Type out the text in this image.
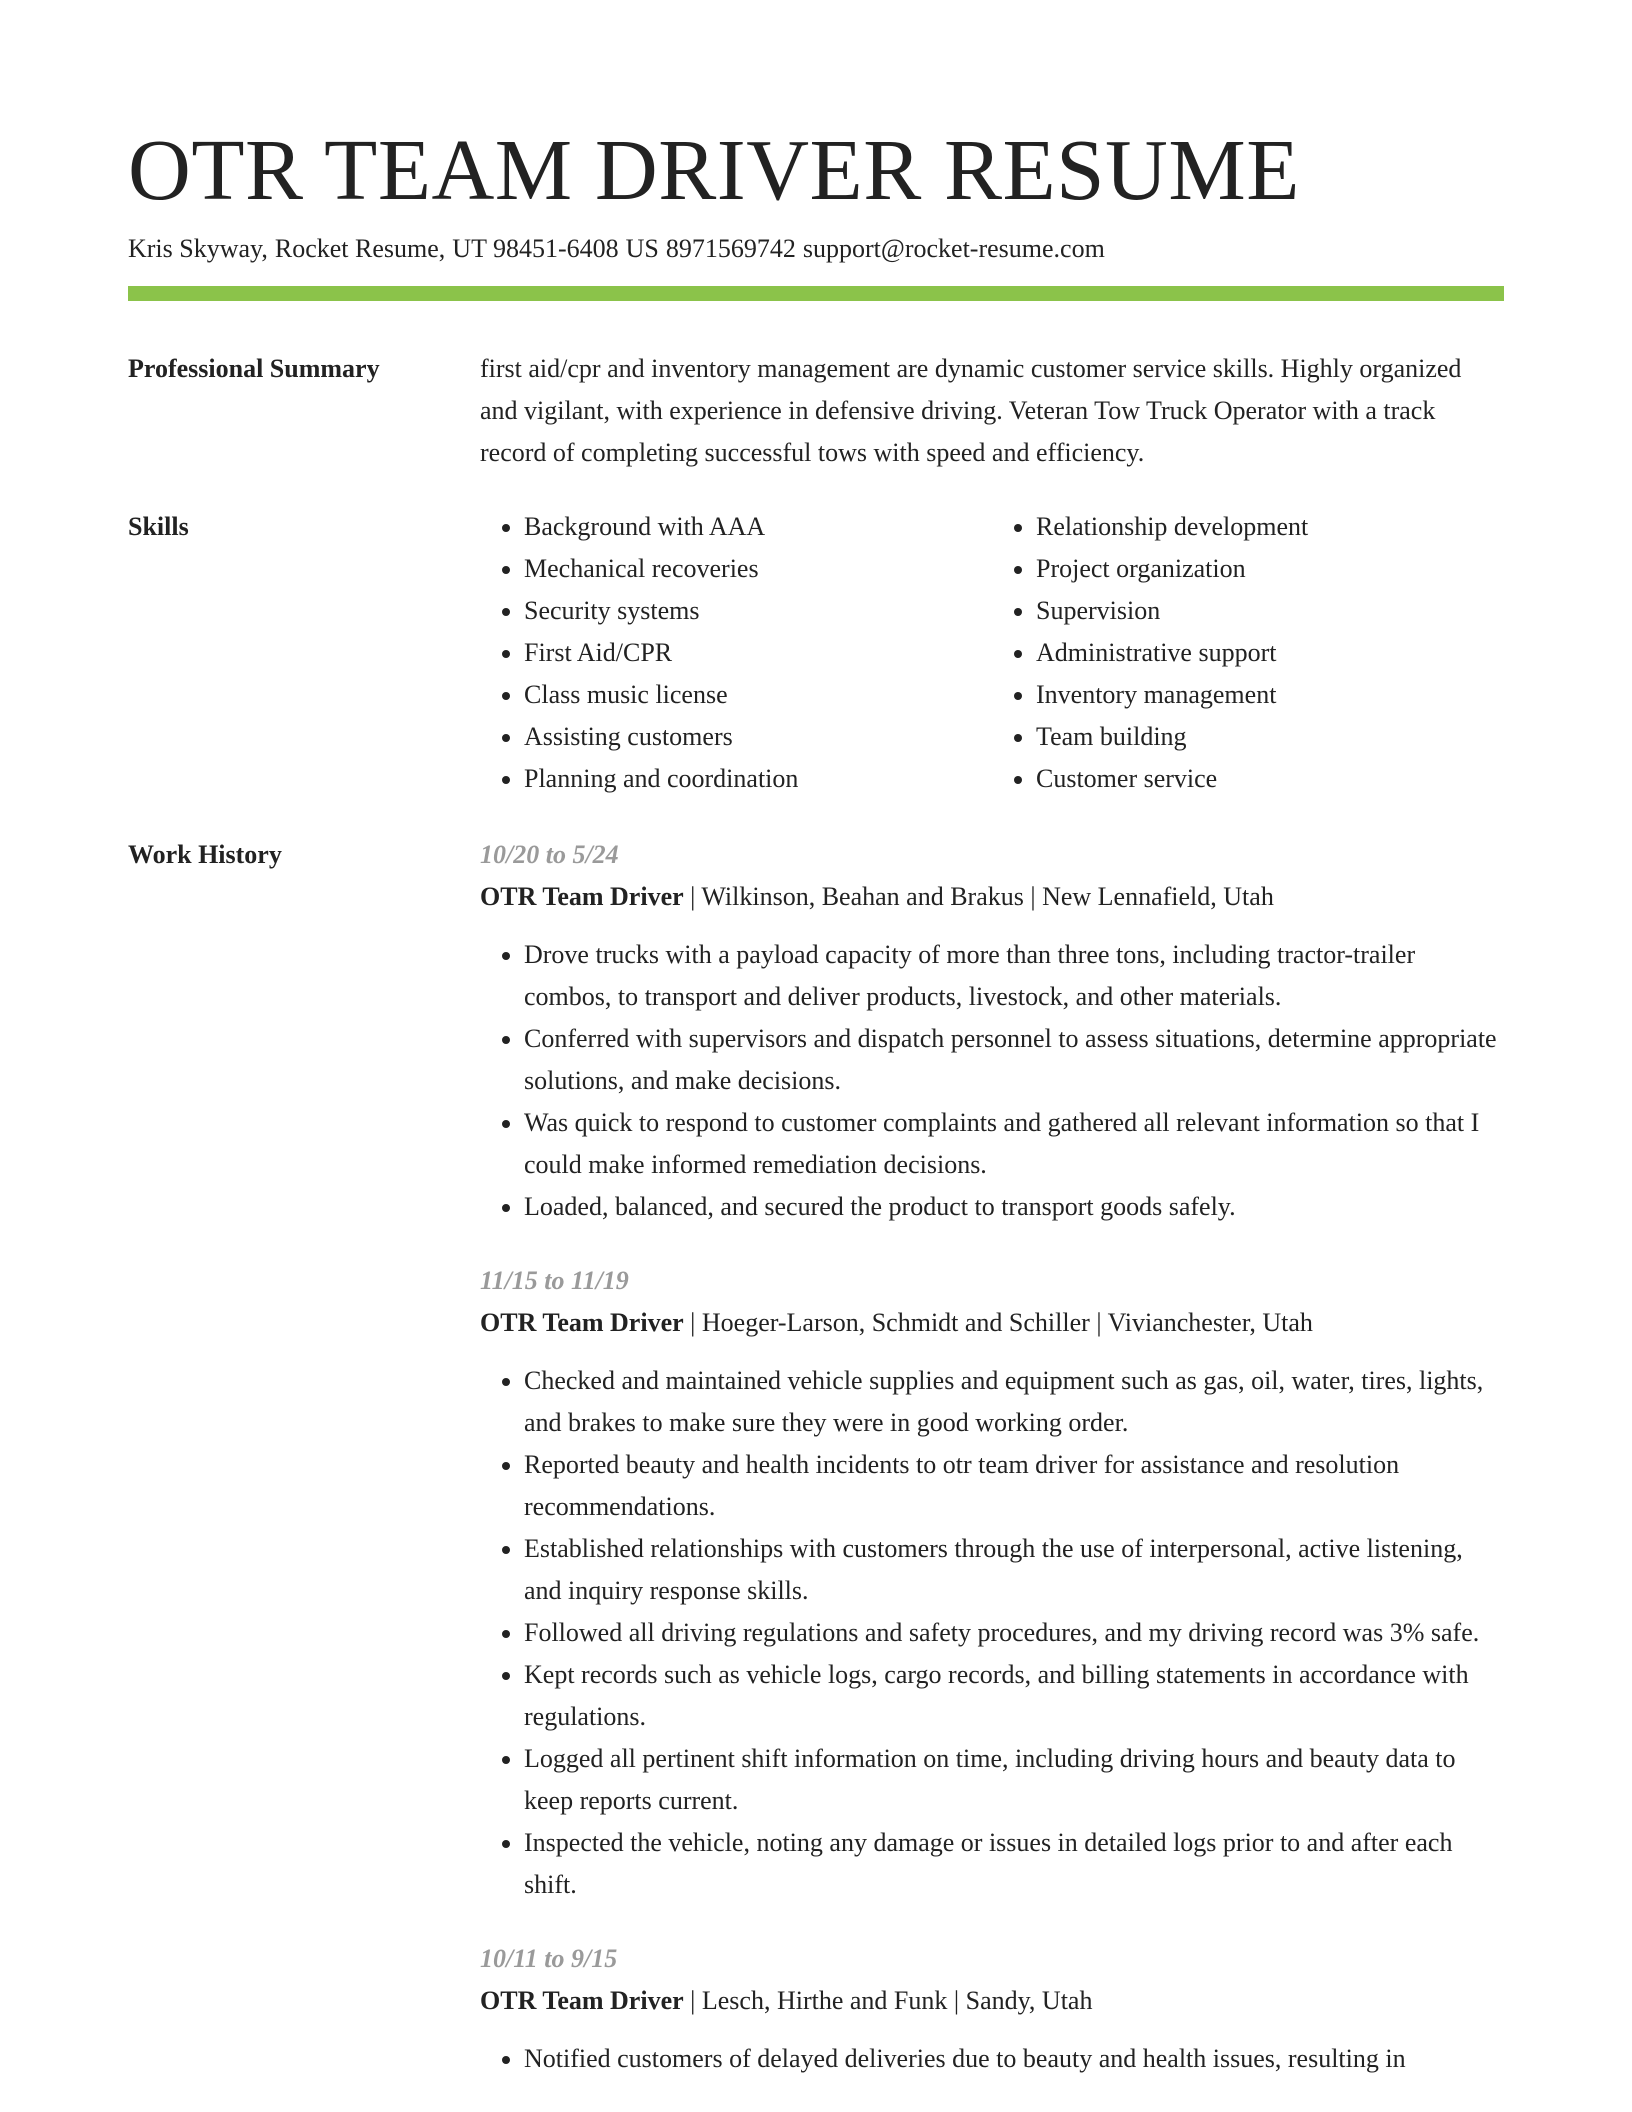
OTR TEAM DRIVER RESUME
Kris Skyway, Rocket Resume, UT 98451-6408 US 8971569742 support@rocket-resume.com
Professional Summary	first aid/cpr and inventory management are dynamic customer service skills. Highly organized and vigilant, with experience in defensive driving. Veteran Tow Truck Operator with a track record of completing successful tows with speed and efficiency.

Skills
•	Background with AAA
• Mechanical recoveries
• Security systems
• First Aid/CPR
• Class music license
• Assisting customers
• Planning and coordination
• Relationship development
• Project organization
• Supervision
• Administrative support
• Inventory management
• Team building
• Customer service
Work History	10/20 to 5/24
OTR Team Driver | Wilkinson, Beahan and Brakus | New Lennafield, Utah
• Drove trucks with a payload capacity of more than three tons, including tractor-trailer combos, to transport and deliver products, livestock, and other materials.
• Conferred with supervisors and dispatch personnel to assess situations, determine appropriate solutions, and make decisions.
• Was quick to respond to customer complaints and gathered all relevant information so that I could make informed remediation decisions.
• Loaded, balanced, and secured the product to transport goods safely.
11/15 to 11/19
OTR Team Driver | Hoeger-Larson, Schmidt and Schiller | Vivianchester, Utah
• Checked and maintained vehicle supplies and equipment such as gas, oil, water, tires, lights, and brakes to make sure they were in good working order.
• Reported beauty and health incidents to otr team driver for assistance and resolution recommendations.
• Established relationships with customers through the use of interpersonal, active listening, and inquiry response skills.
• Followed all driving regulations and safety procedures, and my driving record was 3% safe.
• Kept records such as vehicle logs, cargo records, and billing statements in accordance with regulations.
• Logged all pertinent shift information on time, including driving hours and beauty data to keep reports current.
• Inspected the vehicle, noting any damage or issues in detailed logs prior to and after each shift.
10/11 to 9/15
OTR Team Driver | Lesch, Hirthe and Funk | Sandy, Utah
• Notified customers of delayed deliveries due to beauty and health issues, resulting in
